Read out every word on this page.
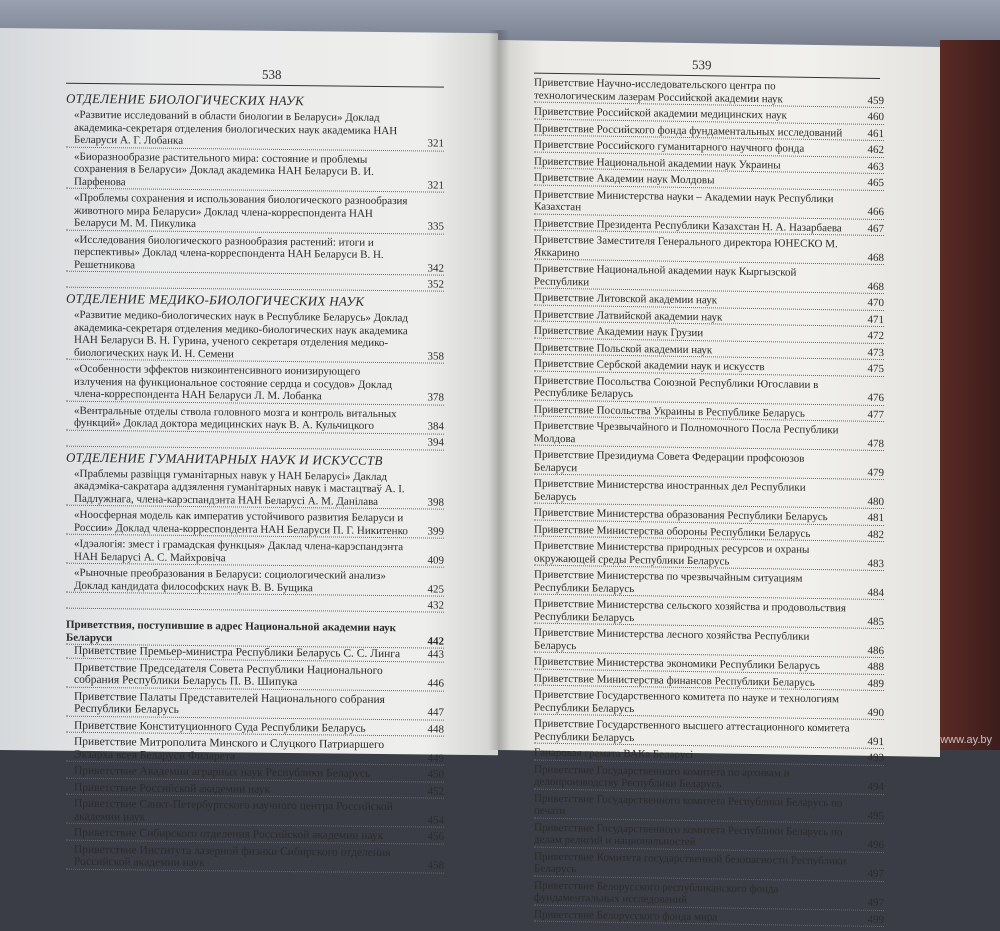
538
ОТДЕЛЕНИЕ БИОЛОГИЧЕСКИХ НАУК
«Развитие исследований в области биологии в Беларуси» Доклад академика-секретаря отделения биологических наук академика НАН Беларуси А. Г. Лобанка	321
«Биоразнообразие растительного мира: состояние и проблемы сохранения в Беларуси» Доклад академика НАН Беларуси В. И. Парфенова	321
«Проблемы сохранения и использования биологического разнообразия животного мира Беларуси» Доклад члена-корреспондента НАН Беларуси М. М. Пикулика	335
«Исследования биологического разнообразия растений: итоги и перспективы» Доклад члена-корреспондента НАН Беларуси В. Н. Решетникова	342
352
ОТДЕЛЕНИЕ МЕДИКО-БИОЛОГИЧЕСКИХ НАУК
«Развитие медико-биологических наук в Республике Беларусь» Доклад академика-секретаря отделения медико-биологических наук академика НАН Беларуси В. Н. Гурина, ученого секретаря отделения медико-биологических наук И. Н. Семени	358
«Особенности эффектов низкоинтенсивного ионизирующего излучения на функциональное состояние сердца и сосудов» Доклад члена-корреспондента НАН Беларуси Л. М. Лобанка	378
«Вентральные отделы ствола головного мозга и контроль витальных функций» Доклад доктора медицинских наук В. А. Кульчицкого	384
394
ОТДЕЛЕНИЕ ГУМАНИТАРНЫХ НАУК И ИСКУССТВ
«Праблемы развіцця гуманітарных навук у НАН Беларусі» Даклад акадэміка-сакратара аддзялення гуманітарных навук і мастацтваў А. І. Падлужнага, члена-карэспандэнта НАН Беларусі А. М. Данілава	398
«Ноосферная модель как императив устойчивого развития Беларуси и России» Доклад члена-корреспондента НАН Беларуси П. Г. Никитенко	399
«Ідэалогія: змест і грамадская функцыя» Даклад члена-карэспандэнта НАН Беларусі А. С. Майхровіча	409
«Рыночные преобразования в Беларуси: социологический анализ» Доклад кандидата философских наук В. В. Бущика	425
432
Приветствия, поступившие в адрес Национальной академии наук Беларуси	442
Приветствие Премьер-министра Республики Беларусь С. С. Линга	443
Приветствие Председателя Совета Республики Национального собрания Республики Беларусь П. В. Шипука	446
Приветствие Палаты Представителей Национального собрания Республики Беларусь	447
Приветствие Конституционного Суда Республики Беларусь	448
Приветствие Митрополита Минского и Слуцкого Патриаршего Экзарха всея Беларуси Филарета	449
Приветствие Академии аграрных наук Республики Беларусь	450
Приветствие Российской академии наук	452
Приветствие Санкт-Петербургского научного центра Российской академии наук	454
Приветствие Сибирского отделения Российской академии наук	456
Приветствие Института лазерной физики Сибирского отделения Российской академии наук	458
539
Приветствие Научно-исследовательского центра по технологическим лазерам Российской академии наук	459
Приветствие Российской академии медицинских наук	460
Приветствие Российского фонда фундаментальных исследований	461
Приветствие Российского гуманитарного научного фонда	462
Приветствие Национальной академии наук Украины	463
Приветствие Академии наук Молдовы	465
Приветствие Министерства науки – Академии наук Республики Казахстан	466
Приветствие Президента Республики Казахстан Н. А. Назарбаева	467
Приветствие Заместителя Генерального директора ЮНЕСКО М. Яккарино	468
Приветствие Национальной академии наук Кыргызской Республики	468
Приветствие Литовской академии наук	470
Приветствие Латвийской академии наук	471
Приветствие Академии наук Грузии	472
Приветствие Польской академии наук	473
Приветствие Сербской академии наук и искусств	475
Приветствие Посольства Союзной Республики Югославии в Республике Беларусь	476
Приветствие Посольства Украины в Республике Беларусь	477
Приветствие Чрезвычайного и Полномочного Посла Республики Молдова	478
Приветствие Президиума Совета Федерации профсоюзов Беларуси	479
Приветствие Министерства иностранных дел Республики Беларусь	480
Приветствие Министерства образования Республики Беларусь	481
Приветствие Министерства обороны Республики Беларусь	482
Приветствие Министерства природных ресурсов и охраны окружающей среды Республики Беларусь	483
Приветствие Министерства по чрезвычайным ситуациям Республики Беларусь	484
Приветствие Министерства сельского хозяйства и продовольствия Республики Беларусь	485
Приветствие Министерства лесного хозяйства Республики Беларусь	486
Приветствие Министерства экономики Республики Беларусь	488
Приветствие Министерства финансов Республики Беларусь	489
Приветствие Государственного комитета по науке и технологиям Республики Беларусь	490
Приветствие Государственного высшего аттестационного комитета Республики Беларусь	491
Ганаровая грамата ВАКа Беларусі	493
Приветствие Государственного комитета по архивам и делопроизводству Республики Беларусь	494
Приветствие Государственного комитета Республики Беларусь по печати	495
Приветствие Государственного комитета Республики Беларусь по делам религий и национальностей	496
Приветствие Комитета государственной безопасности Республики Беларусь	497
Приветствие Белорусского республиканского фонда фундаментальных исследований	497
Приветствие Белорусского фонда мира	499
www.ay.by
